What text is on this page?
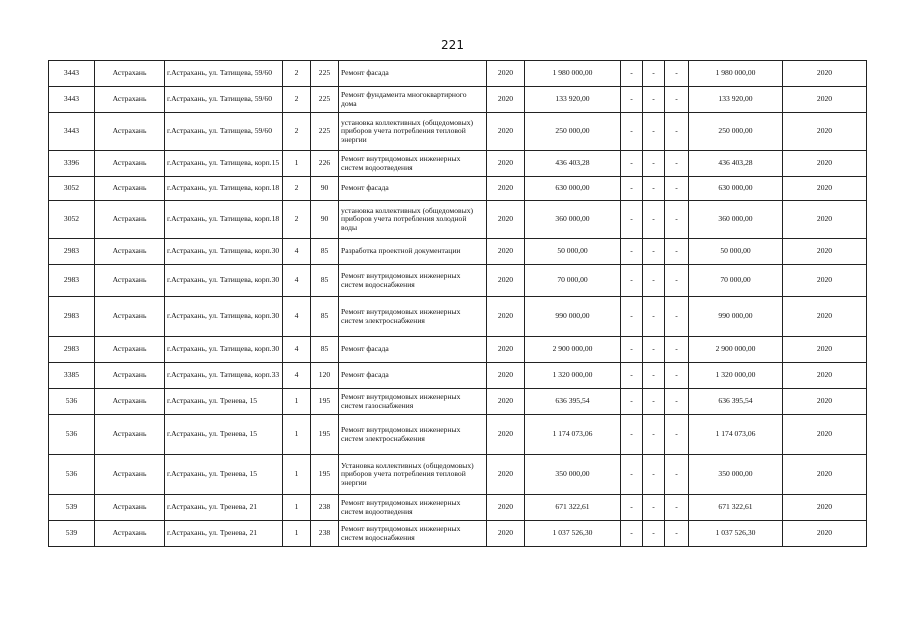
221
3443	Астрахань	г.Астрахань, ул. Татищева, 59/60	2	225	Ремонт фасада	2020	1 980 000,00	-	-	-	1 980 000,00	2020
3443	Астрахань	г.Астрахань, ул. Татищева, 59/60	2	225	Ремонт фундамента многоквартирного дома	2020	133 920,00	-	-	-	133 920,00	2020
3443	Астрахань	г.Астрахань, ул. Татищева, 59/60	2	225	установка коллективных (общедомовых) приборов учета потребления тепловой энергии	2020	250 000,00	-	-	-	250 000,00	2020
3396	Астрахань	г.Астрахань, ул. Татищева, корп.15	1	226	Ремонт внутридомовых инженерных систем водоотведения	2020	436 403,28	-	-	-	436 403,28	2020
3052	Астрахань	г.Астрахань, ул. Татищева, корп.18	2	90	Ремонт фасада	2020	630 000,00	-	-	-	630 000,00	2020
3052	Астрахань	г.Астрахань, ул. Татищева, корп.18	2	90	установка коллективных (общедомовых) приборов учета потребления холодной воды	2020	360 000,00	-	-	-	360 000,00	2020
2983	Астрахань	г.Астрахань, ул. Татищева, корп.30	4	85	Разработка проектной документации	2020	50 000,00	-	-	-	50 000,00	2020
2983	Астрахань	г.Астрахань, ул. Татищева, корп.30	4	85	Ремонт внутридомовых инженерных систем водоснабжения	2020	70 000,00	-	-	-	70 000,00	2020
2983	Астрахань	г.Астрахань, ул. Татищева, корп.30	4	85	Ремонт внутридомовых инженерных систем электроснабжения	2020	990 000,00	-	-	-	990 000,00	2020
2983	Астрахань	г.Астрахань, ул. Татищева, корп.30	4	85	Ремонт фасада	2020	2 900 000,00	-	-	-	2 900 000,00	2020
3385	Астрахань	г.Астрахань, ул. Татищева, корп.33	4	120	Ремонт фасада	2020	1 320 000,00	-	-	-	1 320 000,00	2020
536	Астрахань	г.Астрахань, ул. Тренева, 15	1	195	Ремонт внутридомовых инженерных систем газоснабжения	2020	636 395,54	-	-	-	636 395,54	2020
536	Астрахань	г.Астрахань, ул. Тренева, 15	1	195	Ремонт внутридомовых инженерных систем электроснабжения	2020	1 174 073,06	-	-	-	1 174 073,06	2020
536	Астрахань	г.Астрахань, ул. Тренева, 15	1	195	Установка коллективных (общедомовых) приборов учета потребления тепловой энергии	2020	350 000,00	-	-	-	350 000,00	2020
539	Астрахань	г.Астрахань, ул. Тренева, 21	1	238	Ремонт внутридомовых инженерных систем водоотведения	2020	671 322,61	-	-	-	671 322,61	2020
539	Астрахань	г.Астрахань, ул. Тренева, 21	1	238	Ремонт внутридомовых инженерных систем водоснабжения	2020	1 037 526,30	-	-	-	1 037 526,30	2020
